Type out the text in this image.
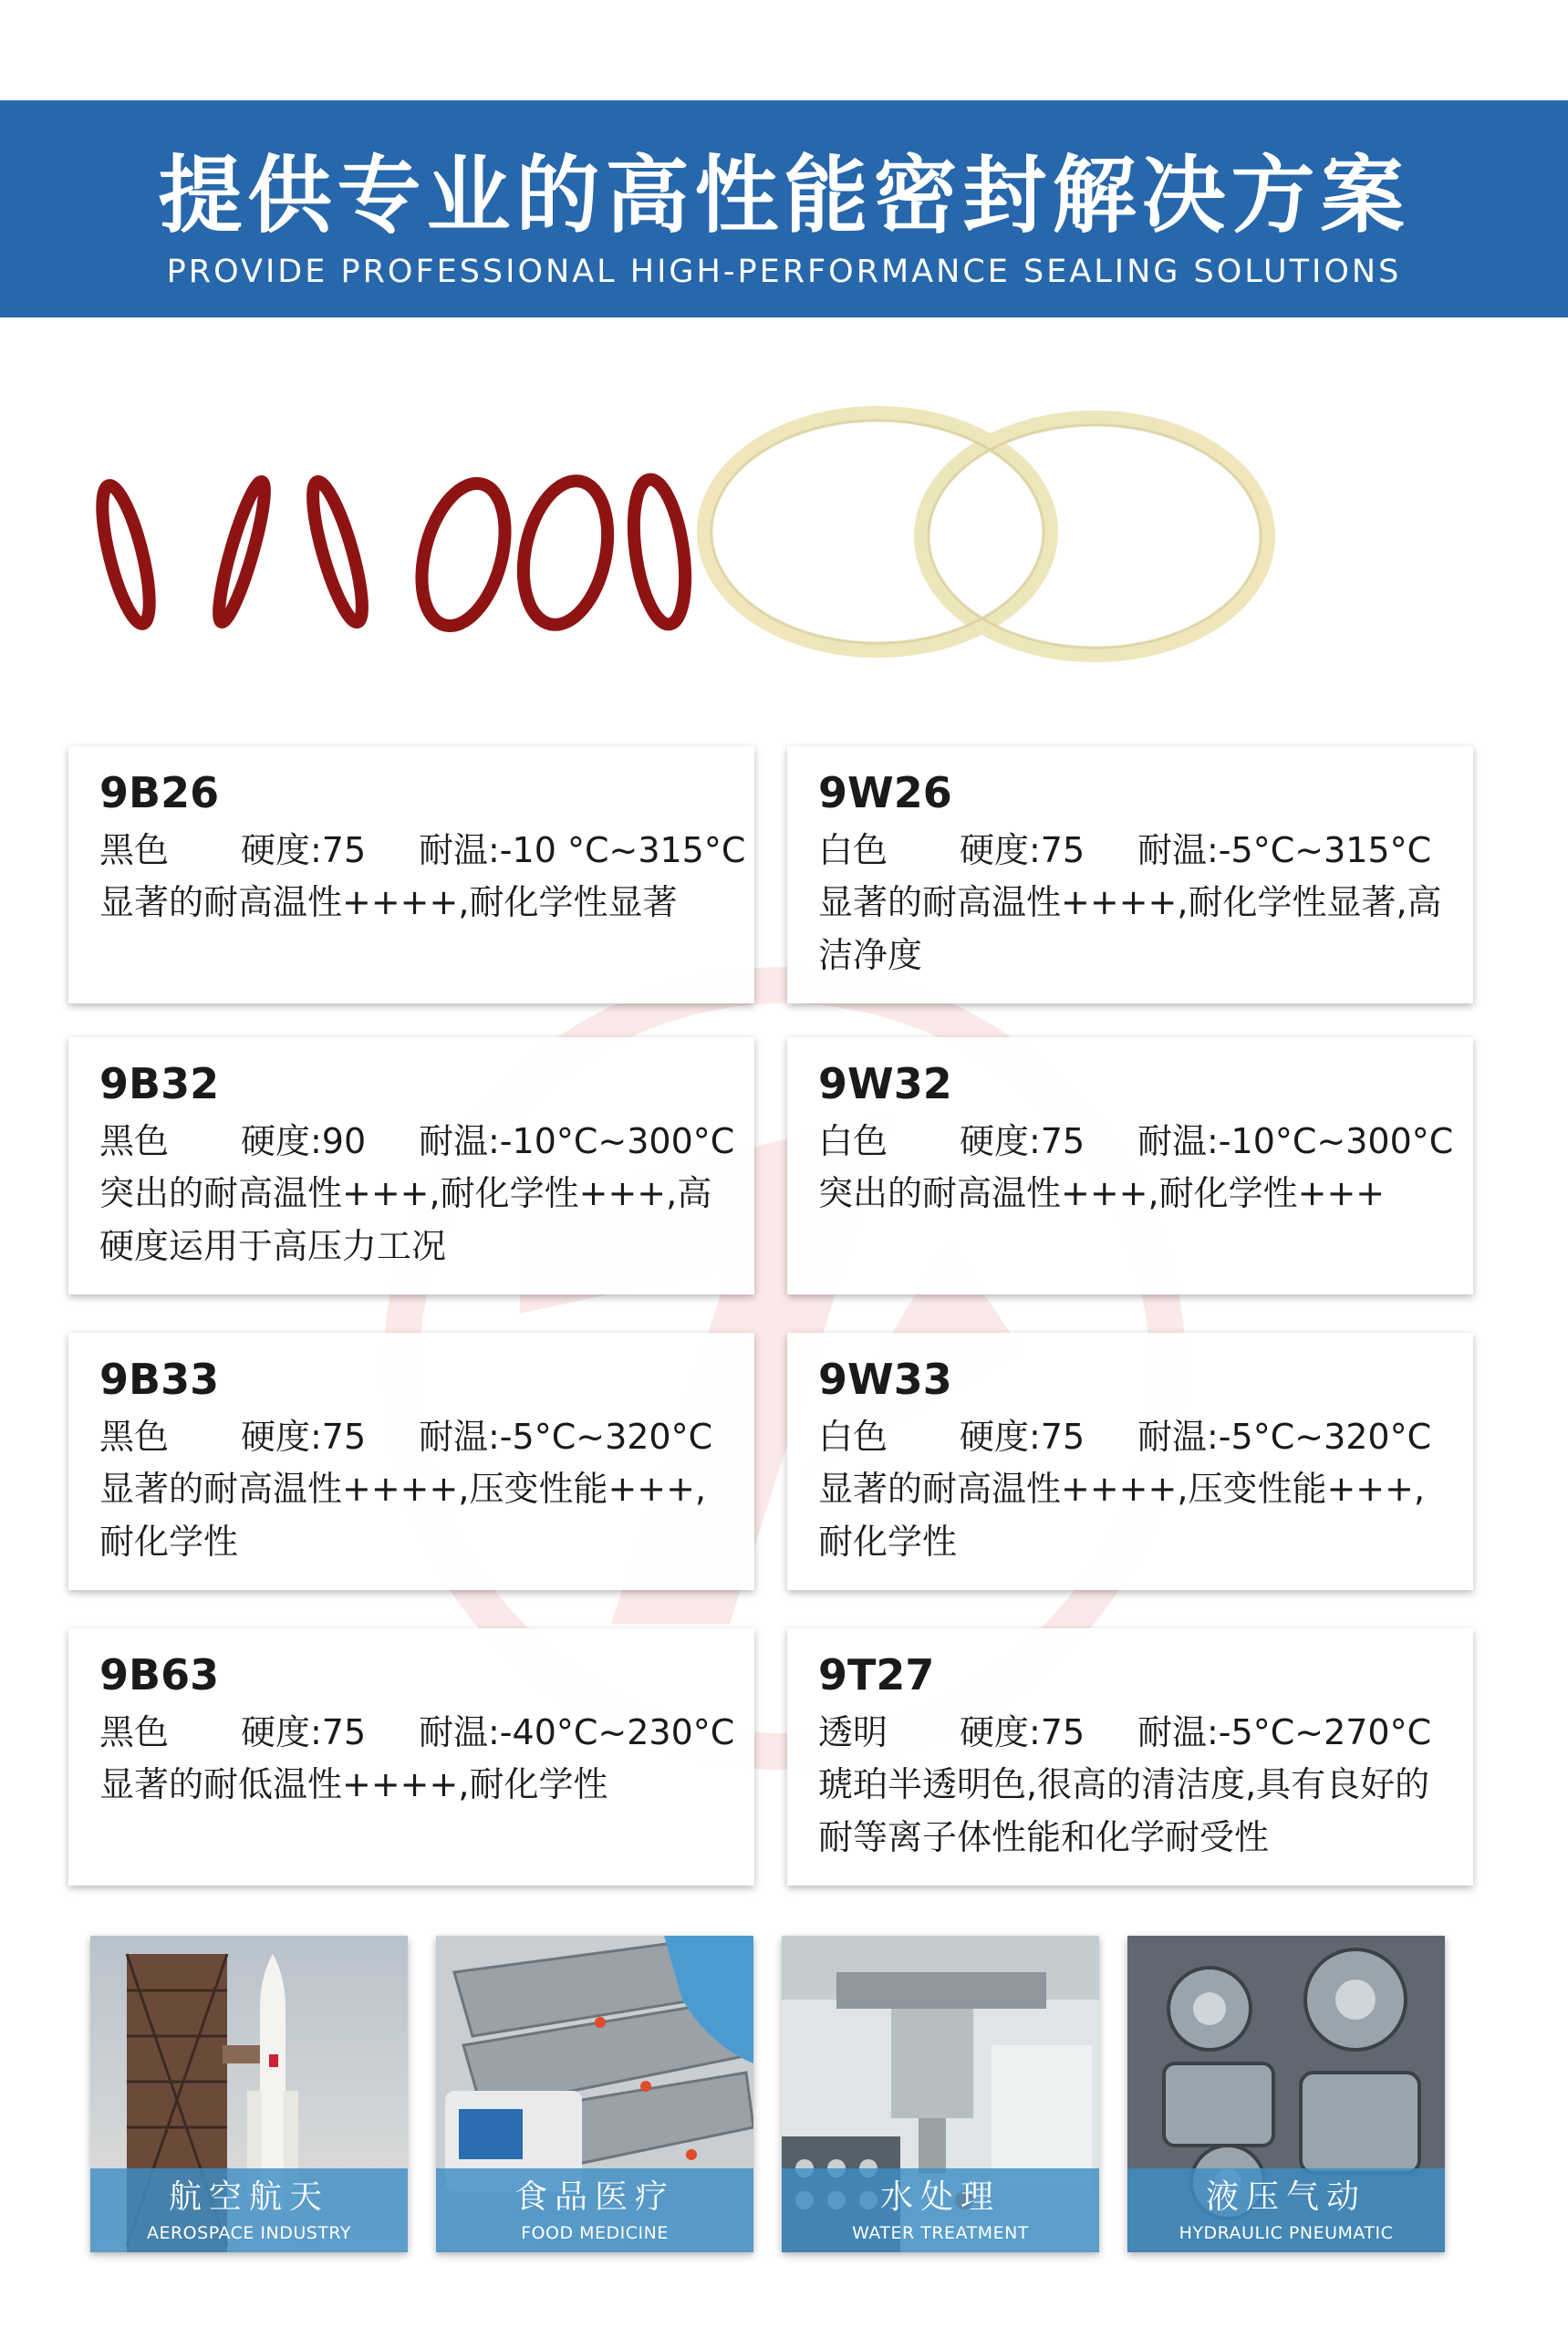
提供专业的高性能密封解决方案
PROVIDE PROFESSIONAL HIGH-PERFORMANCE SEALING SOLUTIONS
9B26
黑色 硬度:75 耐温:-10 °C~315°C
显著的耐高温性++++,耐化学性显著
9W26
白色 硬度:75 耐温:-5°C~315°C
显著的耐高温性++++,耐化学性显著,高洁净度
9B32
黑色 硬度:90 耐温:-10°C~300°C
突出的耐高温性+++,耐化学性+++,高硬度运用于高压力工况
9W32
白色 硬度:75 耐温:-10°C~300°C
突出的耐高温性+++,耐化学性+++
9B33
黑色 硬度:75 耐温:-5°C~320°C
显著的耐高温性++++,压变性能+++,耐化学性
9W33
白色 硬度:75 耐温:-5°C~320°C
显著的耐高温性++++,压变性能+++,耐化学性
9B63
黑色 硬度:75 耐温:-40°C~230°C
显著的耐低温性++++,耐化学性
9T27
透明 硬度:75 耐温:-5°C~270°C
琥珀半透明色,很高的清洁度,具有良好的耐等离子体性能和化学耐受性
航空航天
AEROSPACE INDUSTRY
食品医疗
FOOD MEDICINE
水处理
WATER TREATMENT
液压气动
HYDRAULIC PNEUMATIC
